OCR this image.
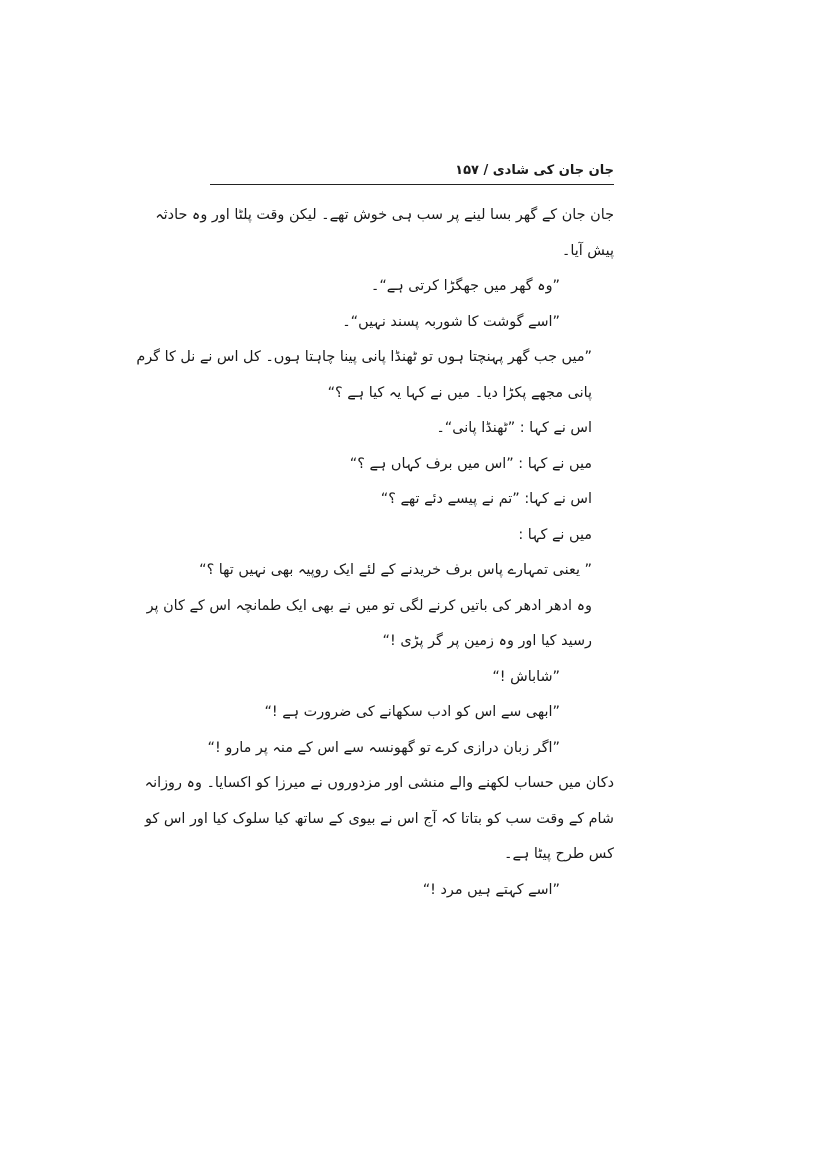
جان جان کی شادی / ۱۵۷
جان جان کے گھر بسا لینے پر سب ہی خوش تھے۔ لیکن وقت پلٹا اور وہ حادثہ
پیش آیا۔
”وہ گھر میں جھگڑا کرتی ہے“۔
”اسے گوشت کا شوربہ پسند نہیں“۔
”میں جب گھر پہنچتا ہوں تو ٹھنڈا پانی پینا چاہتا ہوں۔ کل اس نے نل کا گرم
پانی مجھے پکڑا دیا۔ میں نے کہا یہ کیا ہے ؟“
اس نے کہا : ”ٹھنڈا پانی“۔
میں نے کہا : ”اس میں برف کہاں ہے ؟“
اس نے کہا: ”تم نے پیسے دئے تھے ؟“
میں نے کہا :
” یعنی تمہارے پاس برف خریدنے کے لئے ایک روپیہ بھی نہیں تھا ؟“
وہ ادھر ادھر کی باتیں کرنے لگی تو میں نے بھی ایک طمانچہ اس کے کان پر
رسید کیا اور وہ زمین پر گر پڑی !“
”شاباش !“
”ابھی سے اس کو ادب سکھانے کی ضرورت ہے !“
”اگر زبان درازی کرے تو گھونسہ سے اس کے منہ پر مارو !“
دکان میں حساب لکھنے والے منشی اور مزدوروں نے میرزا کو اکسایا۔ وہ روزانہ
شام کے وقت سب کو بتاتا کہ آج اس نے بیوی کے ساتھ کیا سلوک کیا اور اس کو
کس طرح پیٹا ہے۔
”اسے کہتے ہیں مرد !“
